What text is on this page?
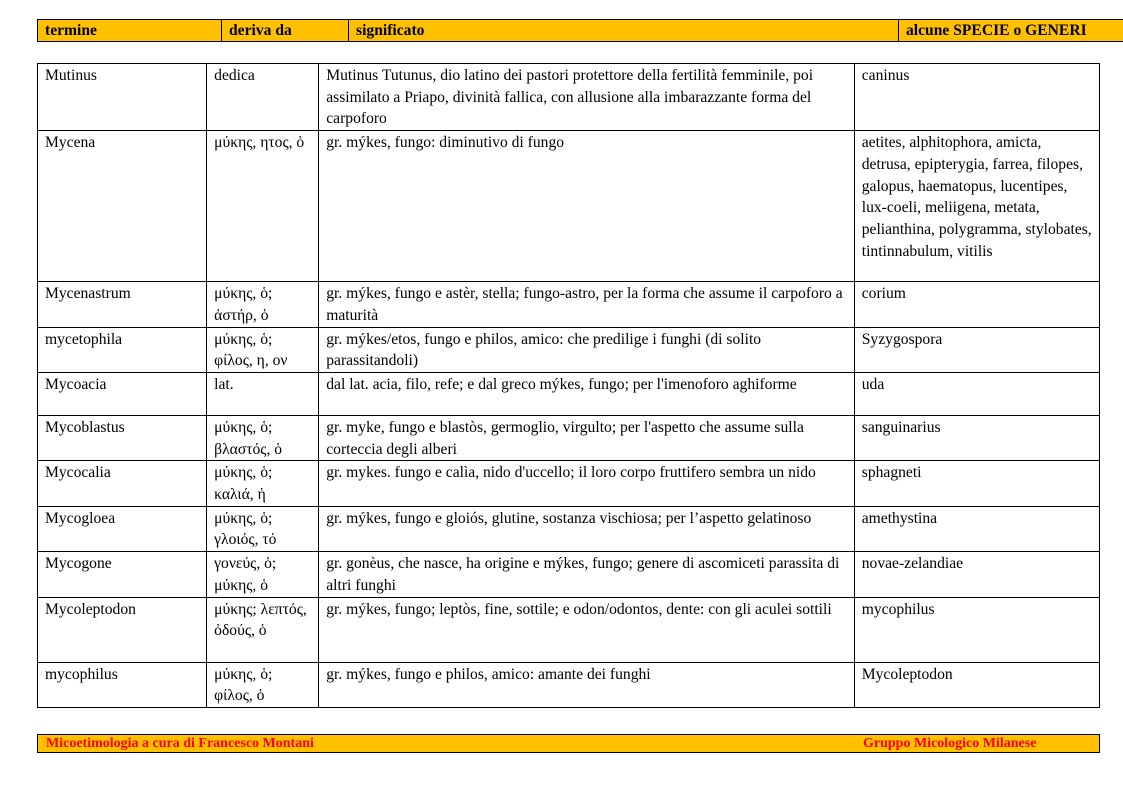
termine	deriva da	significato	alcune SPECIE o GENERI
Mutinus	dedica	Mutinus Tutunus, dio latino dei pastori protettore della fertilità femminile, poi assimilato a Priapo, divinità fallica, con allusione alla imbarazzante forma del carpoforo	caninus
Mycena	μύκης, ητος, ὁ	gr. mýkes, fungo: diminutivo di fungo	aetites, alphitophora, amicta, detrusa, epipterygia, farrea, filopes, galopus, haematopus, lucentipes, lux-coeli, meliigena, metata, pelianthina, polygramma, stylobates, tintinnabulum, vitilis
Mycenastrum	μύκης, ὁ; ἀστήρ, ὁ	gr. mýkes, fungo e astèr, stella; fungo-astro, per la forma che assume il carpoforo a maturità	corium
mycetophila	μύκης, ὁ; φίλος, η, ον	gr. mýkes/etos, fungo e philos, amico: che predilige i funghi (di solito parassitandoli)	Syzygospora
Mycoacia	lat.	dal lat. acia, filo, refe; e dal greco mýkes, fungo; per l'imenoforo aghiforme	uda
Mycoblastus	μύκης, ὁ; βλαστός, ὁ	gr. myke, fungo e blastòs, germoglio, virgulto; per l'aspetto che assume sulla corteccia degli alberi	sanguinarius
Mycocalia	μύκης, ὁ; καλιά, ἡ	gr. mykes. fungo e calìa, nido d'uccello; il loro corpo fruttifero sembra un nido	sphagneti
Mycogloea	μύκης, ὁ; γλοιός, τό	gr. mýkes, fungo e gloiós, glutine, sostanza vischiosa; per l’aspetto gelatinoso	amethystina
Mycogone	γονεύς, ὁ; μύκης, ὁ	gr. gonèus, che nasce, ha origine e mýkes, fungo; genere di ascomiceti parassita di altri funghi	novae-zelandiae
Mycoleptodon	μύκης; λεπτός, ὀδούς, ὁ	gr. mýkes, fungo; leptòs, fine, sottile; e odon/odontos, dente: con gli aculei sottili	mycophilus
mycophilus	μύκης, ὁ; φίλος, ὁ	gr. mýkes, fungo e philos, amico: amante dei funghi	Mycoleptodon
Micoetimologia a cura di Francesco Montani	Gruppo Micologico Milanese
